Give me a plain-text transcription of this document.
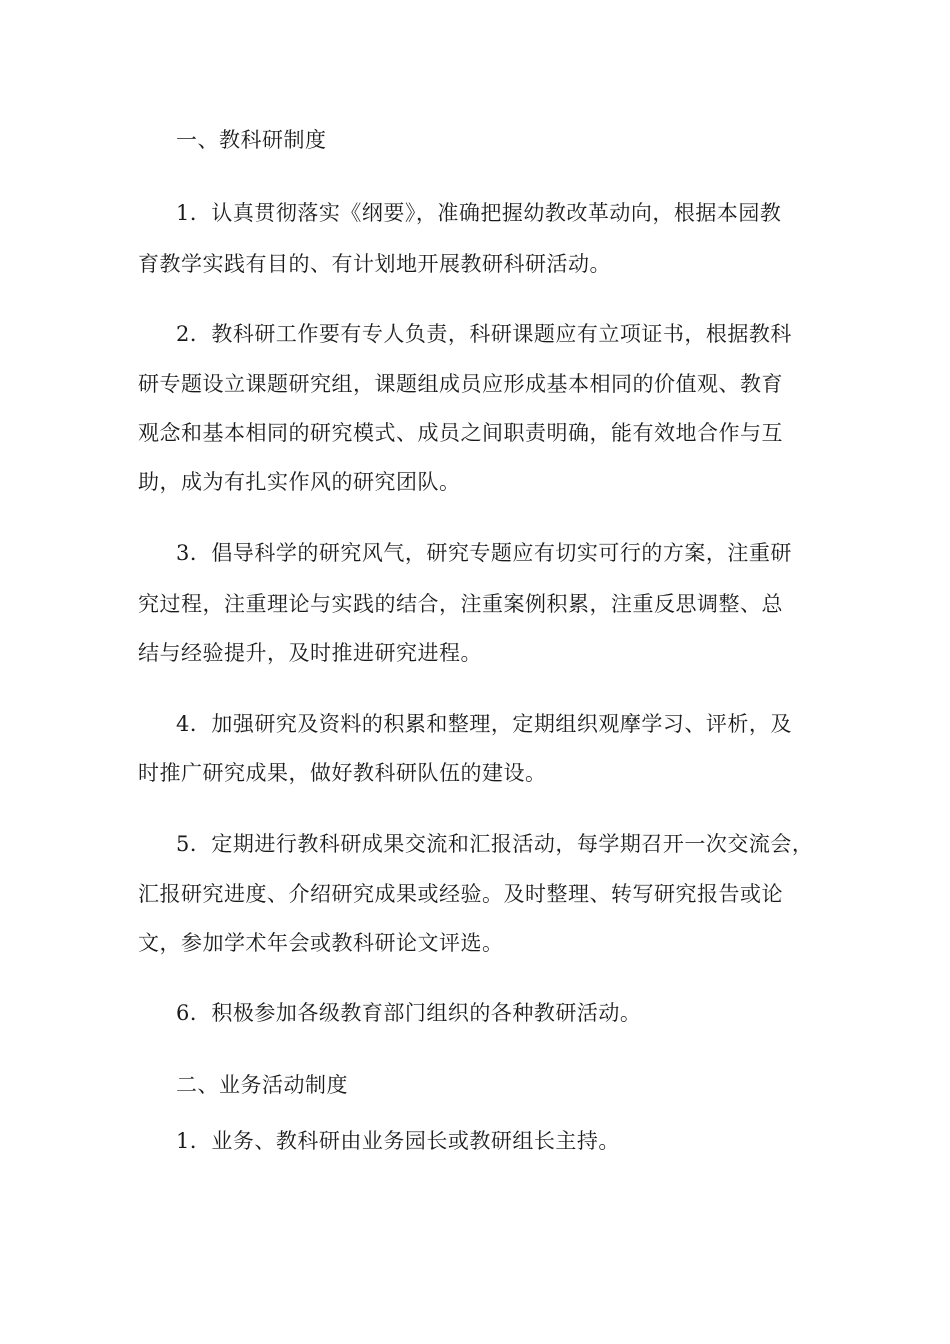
一、教科研制度
1．认真贯彻落实《纲要》，准确把握幼教改革动向，根据本园教
育教学实践有目的、有计划地开展教研科研活动。
2．教科研工作要有专人负责，科研课题应有立项证书，根据教科
研专题设立课题研究组，课题组成员应形成基本相同的价值观、教育
观念和基本相同的研究模式、成员之间职责明确，能有效地合作与互
助，成为有扎实作风的研究团队。
3．倡导科学的研究风气，研究专题应有切实可行的方案，注重研
究过程，注重理论与实践的结合，注重案例积累，注重反思调整、总
结与经验提升，及时推进研究进程。
4．加强研究及资料的积累和整理，定期组织观摩学习、评析，及
时推广研究成果，做好教科研队伍的建设。
5．定期进行教科研成果交流和汇报活动，每学期召开一次交流会，
汇报研究进度、介绍研究成果或经验。及时整理、转写研究报告或论
文，参加学术年会或教科研论文评选。
6．积极参加各级教育部门组织的各种教研活动。
二、业务活动制度
1．业务、教科研由业务园长或教研组长主持。
